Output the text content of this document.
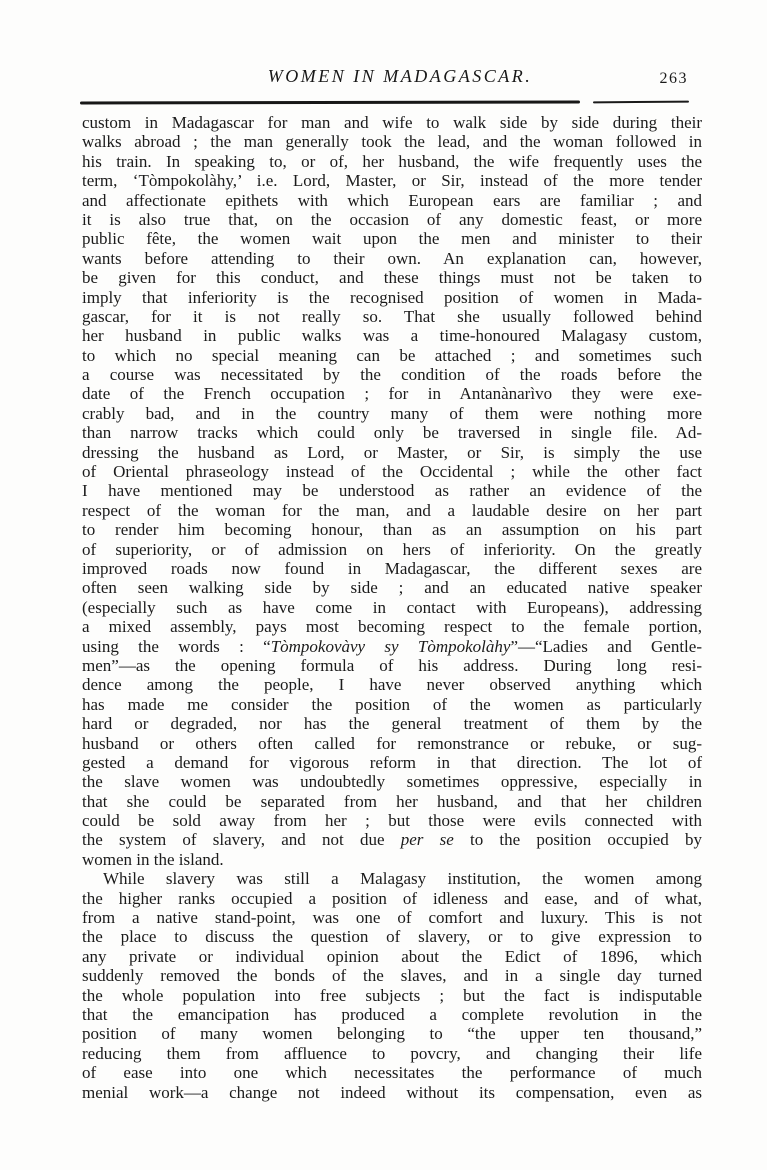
WOMEN IN MADAGASCAR.	263
custom in Madagascar for man and wife to walk side by side during their
walks abroad ; the man generally took the lead, and the woman followed in
his train. In speaking to, or of, her husband, the wife frequently uses the
term, ‘Tòmpokolàhy,’ i.e. Lord, Master, or Sir, instead of the more tender
and affectionate epithets with which European ears are familiar ; and
it is also true that, on the occasion of any domestic feast, or more
public fête, the women wait upon the men and minister to their
wants before attending to their own. An explanation can, however,
be given for this conduct, and these things must not be taken to
imply that inferiority is the recognised position of women in Mada-
gascar, for it is not really so. That she usually followed behind
her husband in public walks was a time-honoured Malagasy custom,
to which no special meaning can be attached ; and sometimes such
a course was necessitated by the condition of the roads before the
date of the French occupation ; for in Antanànarìvo they were exe-
crably bad, and in the country many of them were nothing more
than narrow tracks which could only be traversed in single file. Ad-
dressing the husband as Lord, or Master, or Sir, is simply the use
of Oriental phraseology instead of the Occidental ; while the other fact
I have mentioned may be understood as rather an evidence of the
respect of the woman for the man, and a laudable desire on her part
to render him becoming honour, than as an assumption on his part
of superiority, or of admission on hers of inferiority. On the greatly
improved roads now found in Madagascar, the different sexes are
often seen walking side by side ; and an educated native speaker
(especially such as have come in contact with Europeans), addressing
a mixed assembly, pays most becoming respect to the female portion,
using the words : “Tòmpokovàvy sy Tòmpokolàhy”—“Ladies and Gentle-
men”—as the opening formula of his address. During long resi-
dence among the people, I have never observed anything which
has made me consider the position of the women as particularly
hard or degraded, nor has the general treatment of them by the
husband or others often called for remonstrance or rebuke, or sug-
gested a demand for vigorous reform in that direction. The lot of
the slave women was undoubtedly sometimes oppressive, especially in
that she could be separated from her husband, and that her children
could be sold away from her ; but those were evils connected with
the system of slavery, and not due per se to the position occupied by
women in the island.
While slavery was still a Malagasy institution, the women among
the higher ranks occupied a position of idleness and ease, and of what,
from a native stand-point, was one of comfort and luxury. This is not
the place to discuss the question of slavery, or to give expression to
any private or individual opinion about the Edict of 1896, which
suddenly removed the bonds of the slaves, and in a single day turned
the whole population into free subjects ; but the fact is indisputable
that the emancipation has produced a complete revolution in the
position of many women belonging to “the upper ten thousand,”
reducing them from affluence to povcry, and changing their life
of ease into one which necessitates the performance of much
menial work—a change not indeed without its compensation, even as
